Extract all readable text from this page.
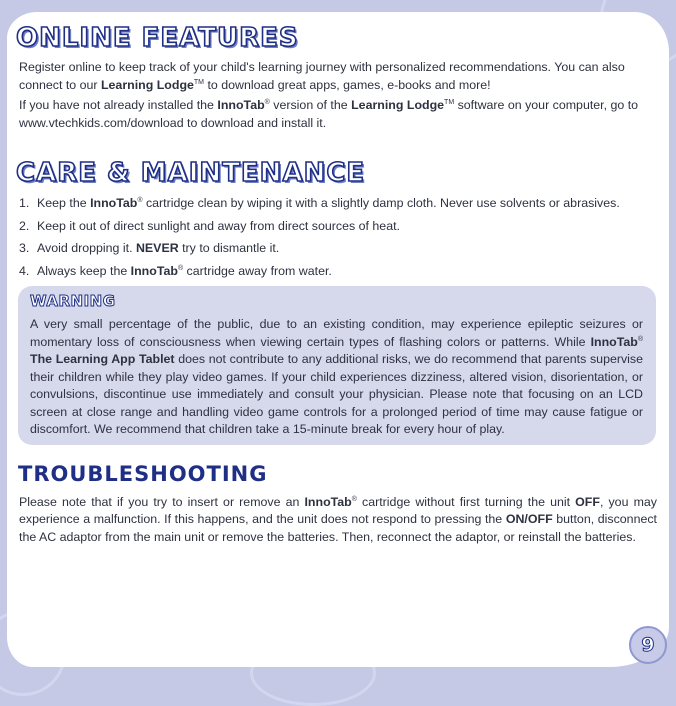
ONLINE FEATURES

Register online to keep track of your child's learning journey with personalized recommendations. You can also connect to our Learning Lodge™ to download great apps, games, e-books and more!

If you have not already installed the InnoTab® version of the Learning Lodge™ software on your computer, go to www.vtechkids.com/download to download and install it.

CARE & MAINTENANCE
1. Keep the InnoTab® cartridge clean by wiping it with a slightly damp cloth. Never use solvents or abrasives.
2. Keep it out of direct sunlight and away from direct sources of heat.
3. Avoid dropping it. NEVER try to dismantle it.
4. Always keep the InnoTab® cartridge away from water.
WARNING

A very small percentage of the public, due to an existing condition, may experience epileptic seizures or momentary loss of consciousness when viewing certain types of flashing colors or patterns. While InnoTab® The Learning App Tablet does not contribute to any additional risks, we do recommend that parents supervise their children while they play video games. If your child experiences dizziness, altered vision, disorientation, or convulsions, discontinue use immediately and consult your physician. Please note that focusing on an LCD screen at close range and handling video game controls for a prolonged period of time may cause fatigue or discomfort. We recommend that children take a 15-minute break for every hour of play.

TROUBLESHOOTING

Please note that if you try to insert or remove an InnoTab® cartridge without first turning the unit OFF, you may experience a malfunction. If this happens, and the unit does not respond to pressing the ON/OFF button, disconnect the AC adaptor from the main unit or remove the batteries. Then, reconnect the adaptor, or reinstall the batteries.

9
